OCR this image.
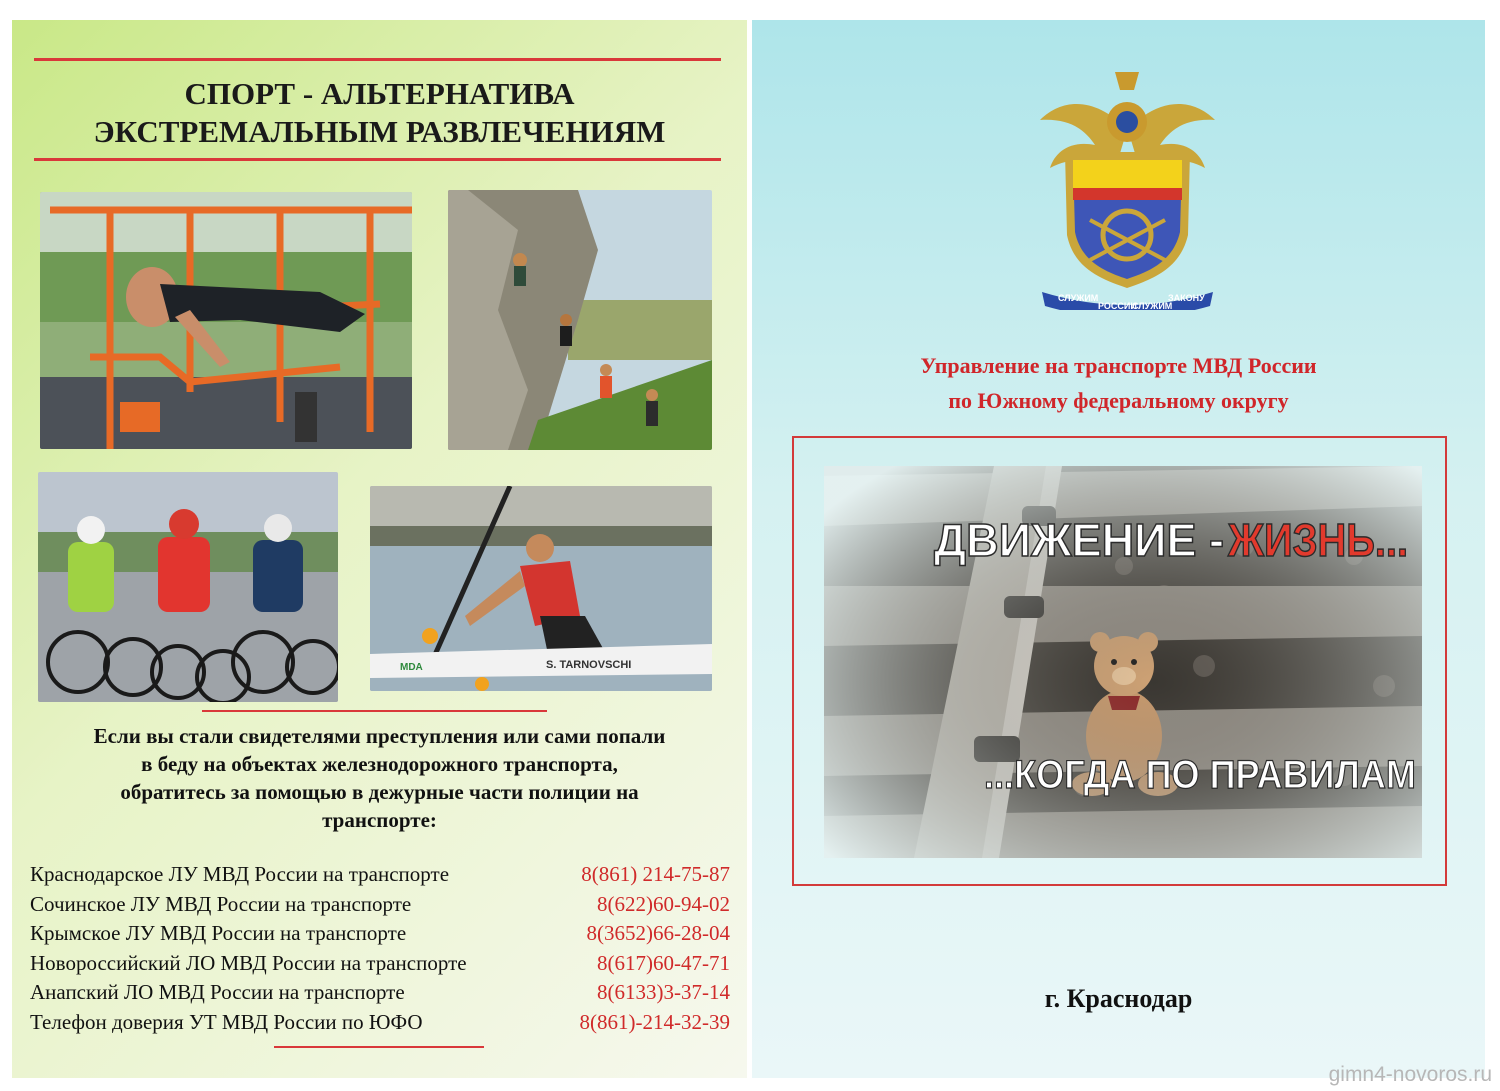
СПОРТ - АЛЬТЕРНАТИВА
ЭКСТРЕМАЛЬНЫМ РАЗВЛЕЧЕНИЯМ
MDA	S. TARNOVSCHI
Если вы стали свидетелями преступления или сами попали
в беду на объектах железнодорожного транспорта,
обратитесь за помощью в дежурные части полиции на
транспорте:
Краснодарское ЛУ МВД России на транспорте	8(861) 214-75-87
Сочинское ЛУ МВД России на транспорте	8(622)60-94-02
Крымское ЛУ МВД России на транспорте	8(3652)66-28-04
Новороссийский ЛО МВД России на транспорте	8(617)60-47-71
Анапский ЛО МВД России на транспорте	8(6133)3-37-14
Телефон доверия УТ МВД России по ЮФО	8(861)-214-32-39
СЛУЖИМ
РОССИИ
СЛУЖИМ
ЗАКОНУ
Управление на транспорте МВД России
по Южному федеральному округу
ДВИЖЕНИЕ - ЖИЗНЬ...
...КОГДА ПО ПРАВИЛАМ
г. Краснодар
gimn4-novoros.ru
